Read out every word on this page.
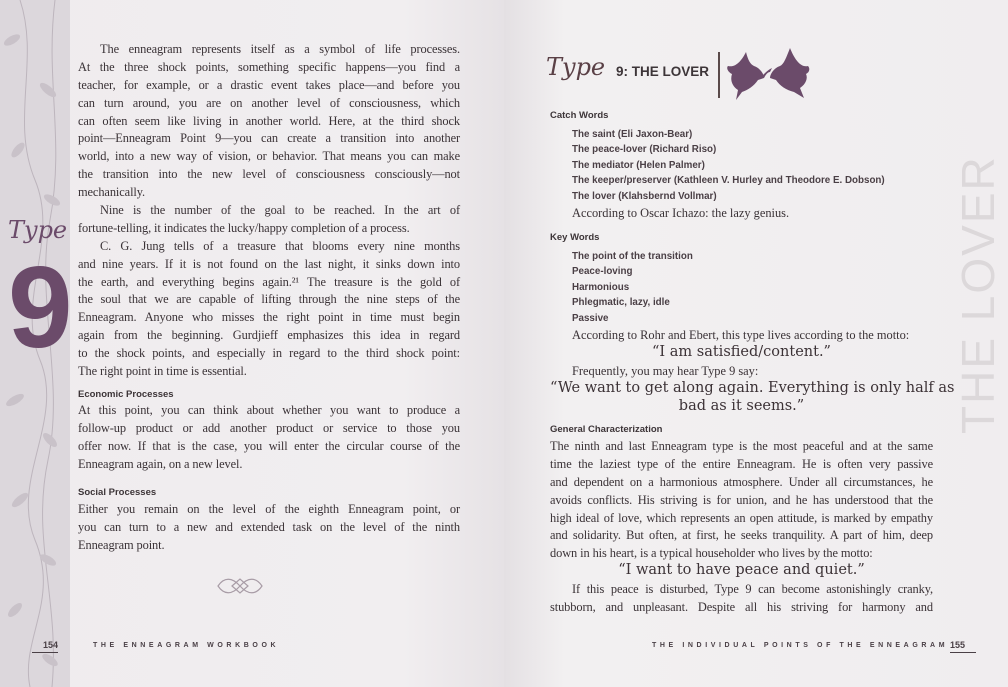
Type
9
The enneagram represents itself as a symbol of life processes.
At the three shock points, something specific happens—you find a
teacher, for example, or a drastic event takes place—and before you
can turn around, you are on another level of consciousness, which
can often seem like living in another world. Here, at the third shock
point—Enneagram Point 9—you can create a transition into another
world, into a new way of vision, or behavior. That means you can make
the transition into the new level of consciousness consciously—not
mechanically.
Nine is the number of the goal to be reached. In the art of
fortune-telling, it indicates the lucky/happy completion of a process.
C. G. Jung tells of a treasure that blooms every nine months
and nine years. If it is not found on the last night, it sinks down into
the earth, and everything begins again.²¹ The treasure is the gold of
the soul that we are capable of lifting through the nine steps of the
Enneagram. Anyone who misses the right point in time must begin
again from the beginning. Gurdjieff emphasizes this idea in regard
to the shock points, and especially in regard to the third shock point:
The right point in time is essential.
Economic Processes
At this point, you can think about whether you want to produce a
follow-up product or add another product or service to those you
offer now. If that is the case, you will enter the circular course of the
Enneagram again, on a new level.
Social Processes
Either you remain on the level of the eighth Enneagram point, or
you can turn to a new and extended task on the level of the ninth
Enneagram point.
154	THE ENNEAGRAM WORKBOOK
Type 9: THE LOVER
Catch Words
The saint (Eli Jaxon-Bear)
The peace-lover (Richard Riso)
The mediator (Helen Palmer)
The keeper/preserver (Kathleen V. Hurley and Theodore E. Dobson)
The lover (Klahsbernd Vollmar)
According to Oscar Ichazo: the lazy genius.
Key Words
The point of the transition
Peace-loving
Harmonious
Phlegmatic, lazy, idle
Passive
According to Rohr and Ebert, this type lives according to the motto:
“I am satisfied/content.”
Frequently, you may hear Type 9 say:
“We want to get along again. Everything is only half as
bad as it seems.”
General Characterization
The ninth and last Enneagram type is the most peaceful and at the same
time the laziest type of the entire Enneagram. He is often very passive
and dependent on a harmonious atmosphere. Under all circumstances, he
avoids conflicts. His striving is for union, and he has understood that the
high ideal of love, which represents an open attitude, is marked by empathy
and solidarity. But often, at first, he seeks tranquility. A part of him, deep
down in his heart, is a typical householder who lives by the motto:
“I want to have peace and quiet.”
If this peace is disturbed, Type 9 can become astonishingly cranky,
stubborn, and unpleasant. Despite all his striving for harmony and
THE LOVER
THE INDIVIDUAL POINTS OF THE ENNEAGRAM 155
